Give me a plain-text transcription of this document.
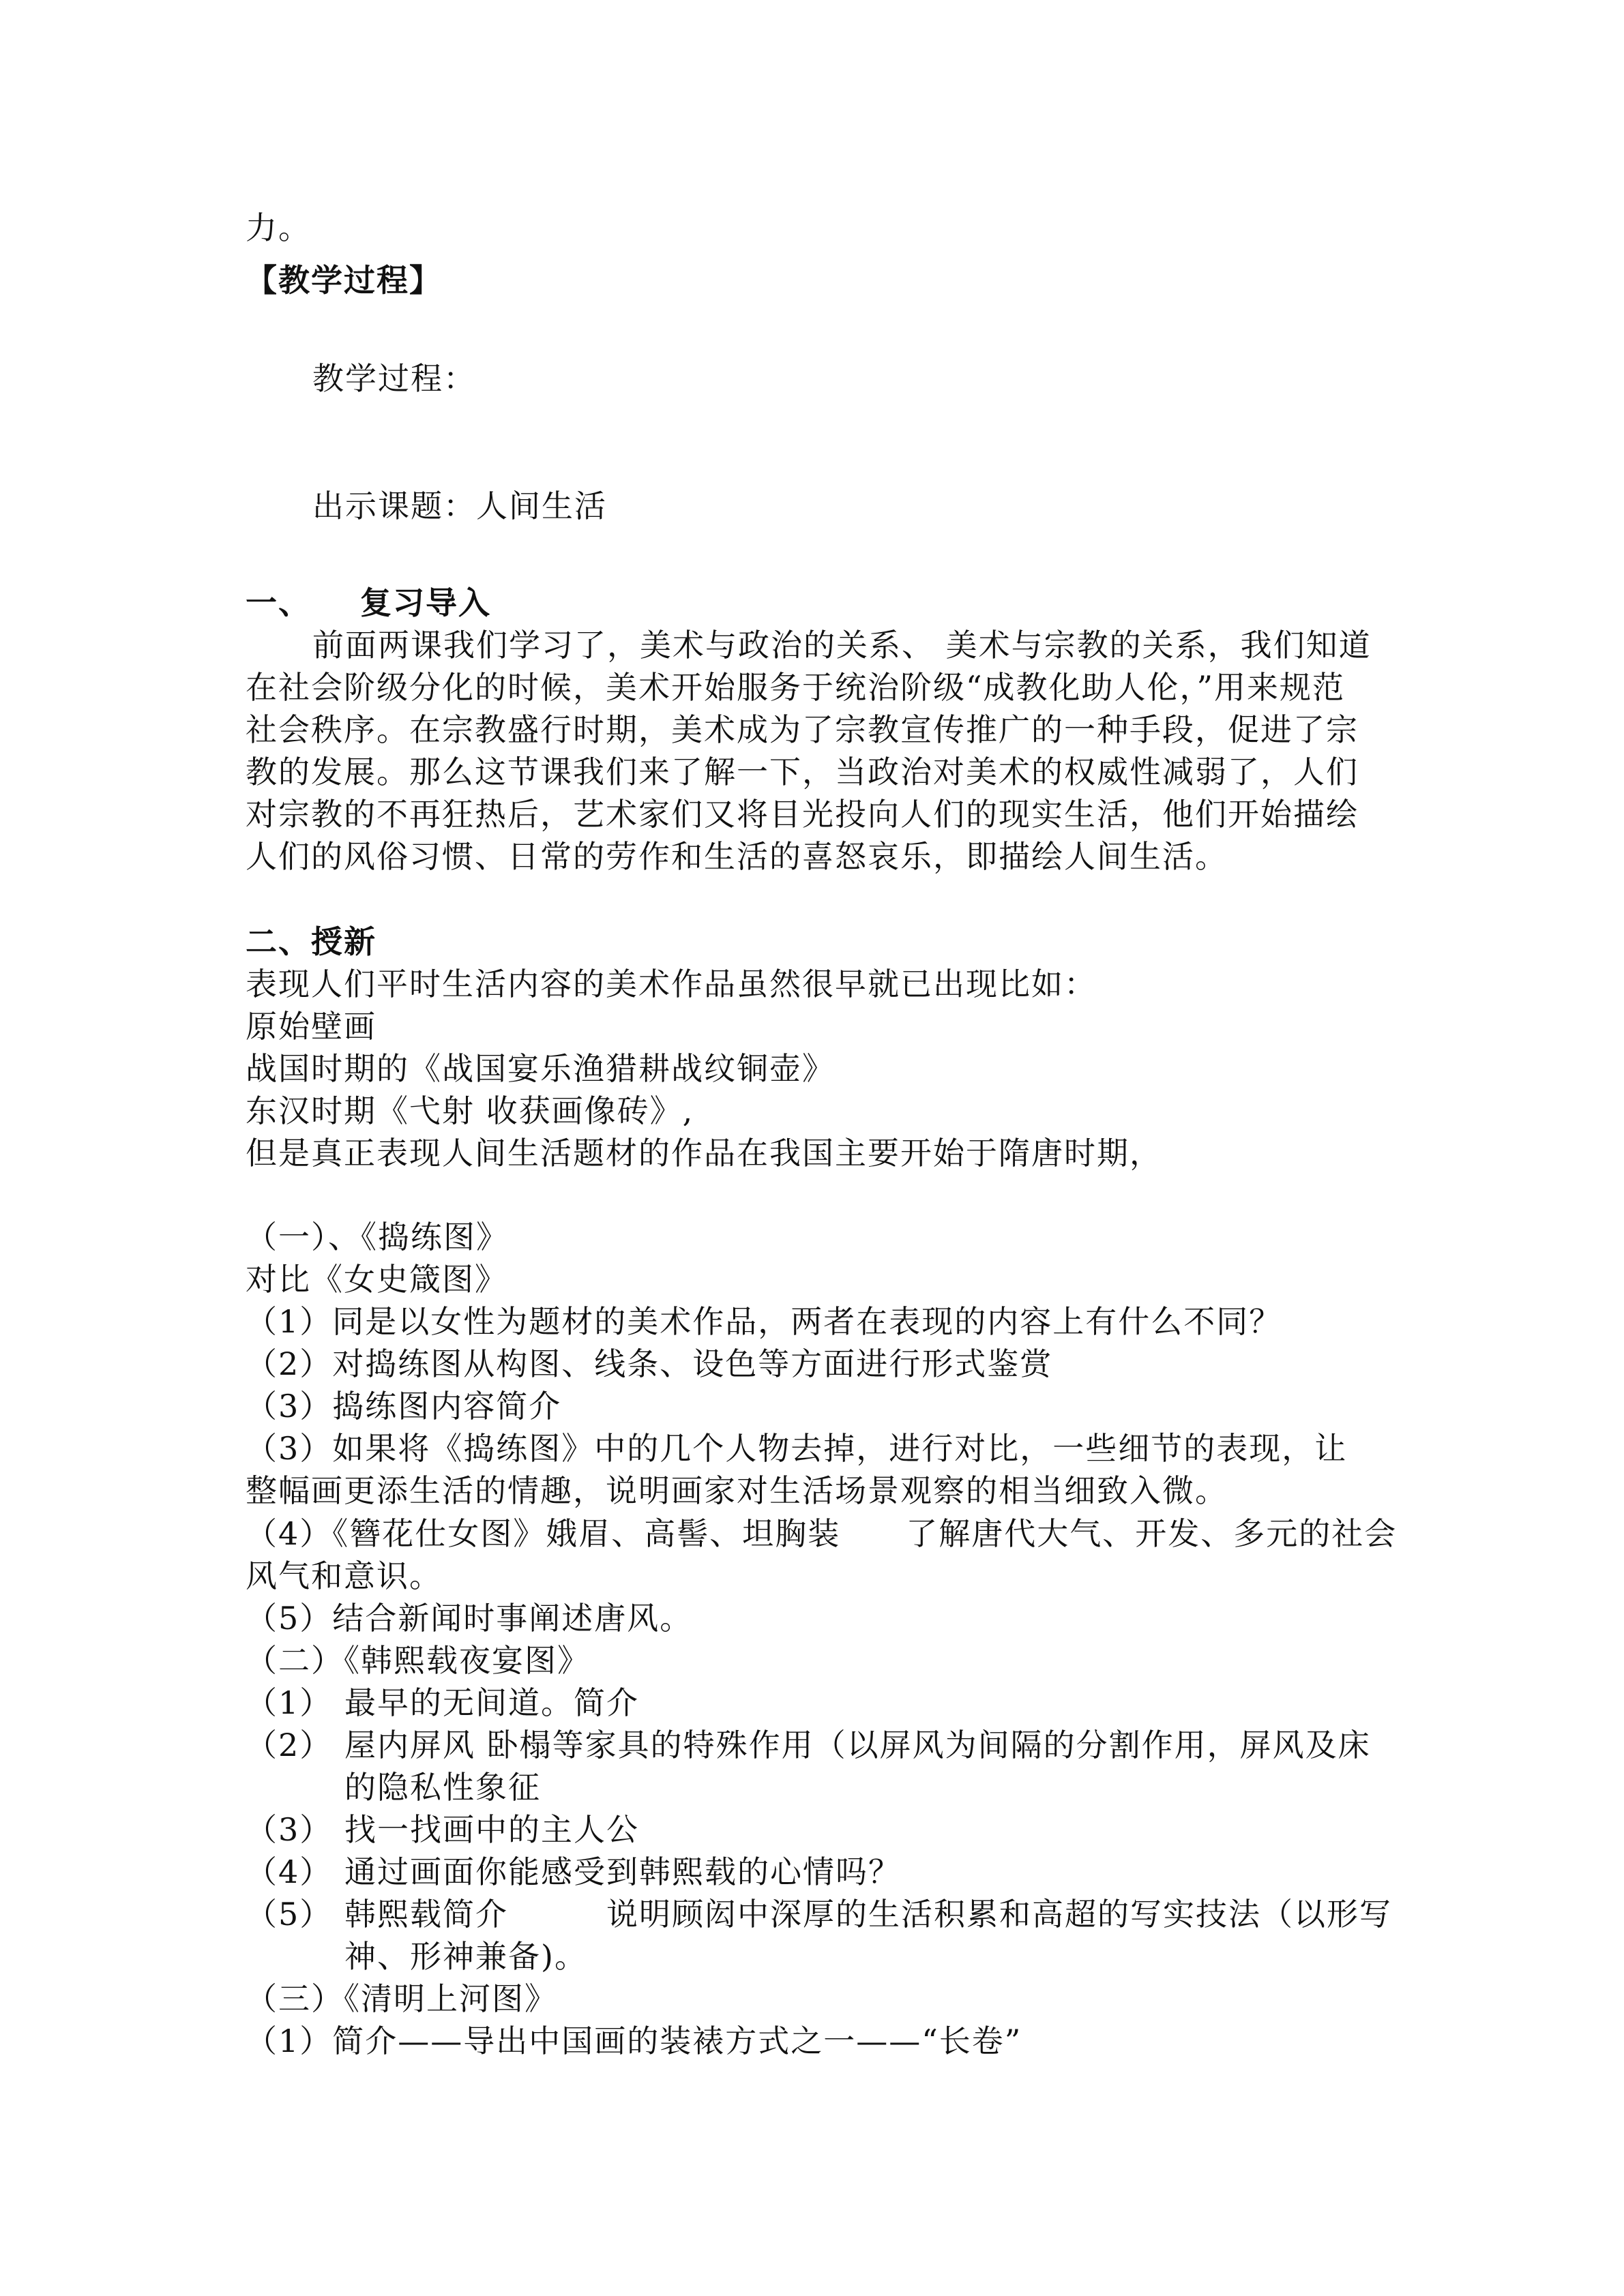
力。

【教学过程】

教学过程：

出示课题：人间生活

一、 复习导入

前面两课我们学习了，美术与政治的关系、 美术与宗教的关系，我们知道

在社会阶级分化的时候，美术开始服务于统治阶级“成教化助人伦，”用来规范

社会秩序。在宗教盛行时期，美术成为了宗教宣传推广的一种手段，促进了宗

教的发展。那么这节课我们来了解一下，当政治对美术的权威性减弱了，人们

对宗教的不再狂热后，艺术家们又将目光投向人们的现实生活，他们开始描绘

人们的风俗习惯、日常的劳作和生活的喜怒哀乐，即描绘人间生活。

二、授新

表现人们平时生活内容的美术作品虽然很早就已出现比如：

原始壁画

战国时期的《战国宴乐渔猎耕战纹铜壶》

东汉时期《弋射 收获画像砖》,

但是真正表现人间生活题材的作品在我国主要开始于隋唐时期，

（一）、《捣练图》

对比《女史箴图》

（1）同是以女性为题材的美术作品，两者在表现的内容上有什么不同？

（2）对捣练图从构图、线条、设色等方面进行形式鉴赏

（3）捣练图内容简介

（3）如果将《捣练图》中的几个人物去掉，进行对比，一些细节的表现，让

整幅画更添生活的情趣，说明画家对生活场景观察的相当细致入微。

（4）《簪花仕女图》娥眉、高髻、坦胸装　　了解唐代大气、开发、多元的社会

风气和意识。

（5）结合新闻时事阐述唐风。

（二）《韩熙载夜宴图》

（1） 最早的无间道。简介

（2） 屋内屏风 卧榻等家具的特殊作用（以屏风为间隔的分割作用，屏风及床

的隐私性象征

（3） 找一找画中的主人公

（4） 通过画面你能感受到韩熙载的心情吗？

（5） 韩熙载简介　　　说明顾闳中深厚的生活积累和高超的写实技法（以形写

神、形神兼备)。

（三）《清明上河图》

（1）简介——导出中国画的装裱方式之一——“长卷”
